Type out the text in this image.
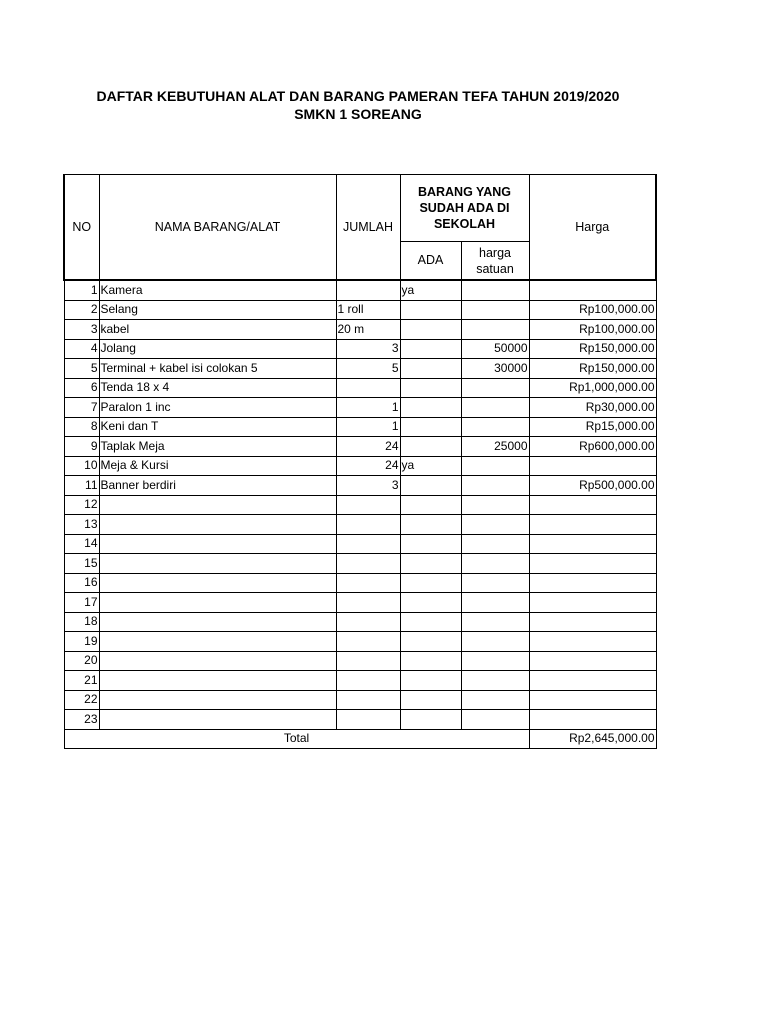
DAFTAR KEBUTUHAN ALAT DAN BARANG PAMERAN TEFA TAHUN 2019/2020
SMKN 1 SOREANG
NO	NAMA BARANG/ALAT	JUMLAH	BARANG YANG SUDAH ADA DI SEKOLAH		Harga
			ADA	harga satuan	
1	Kamera		ya		
2	Selang	1 roll			Rp100,000.00
3	kabel	20 m			Rp100,000.00
4	Jolang	3		50000	Rp150,000.00
5	Terminal + kabel isi colokan 5	5		30000	Rp150,000.00
6	Tenda 18 x 4				Rp1,000,000.00
7	Paralon 1 inc	1			Rp30,000.00
8	Keni dan T	1			Rp15,000.00
9	Taplak Meja	24		25000	Rp600,000.00
10	Meja & Kursi	24	ya		
11	Banner berdiri	3			Rp500,000.00
12					
13					
14					
15					
16					
17					
18					
19					
20					
21					
22					
23					
Total					Rp2,645,000.00
